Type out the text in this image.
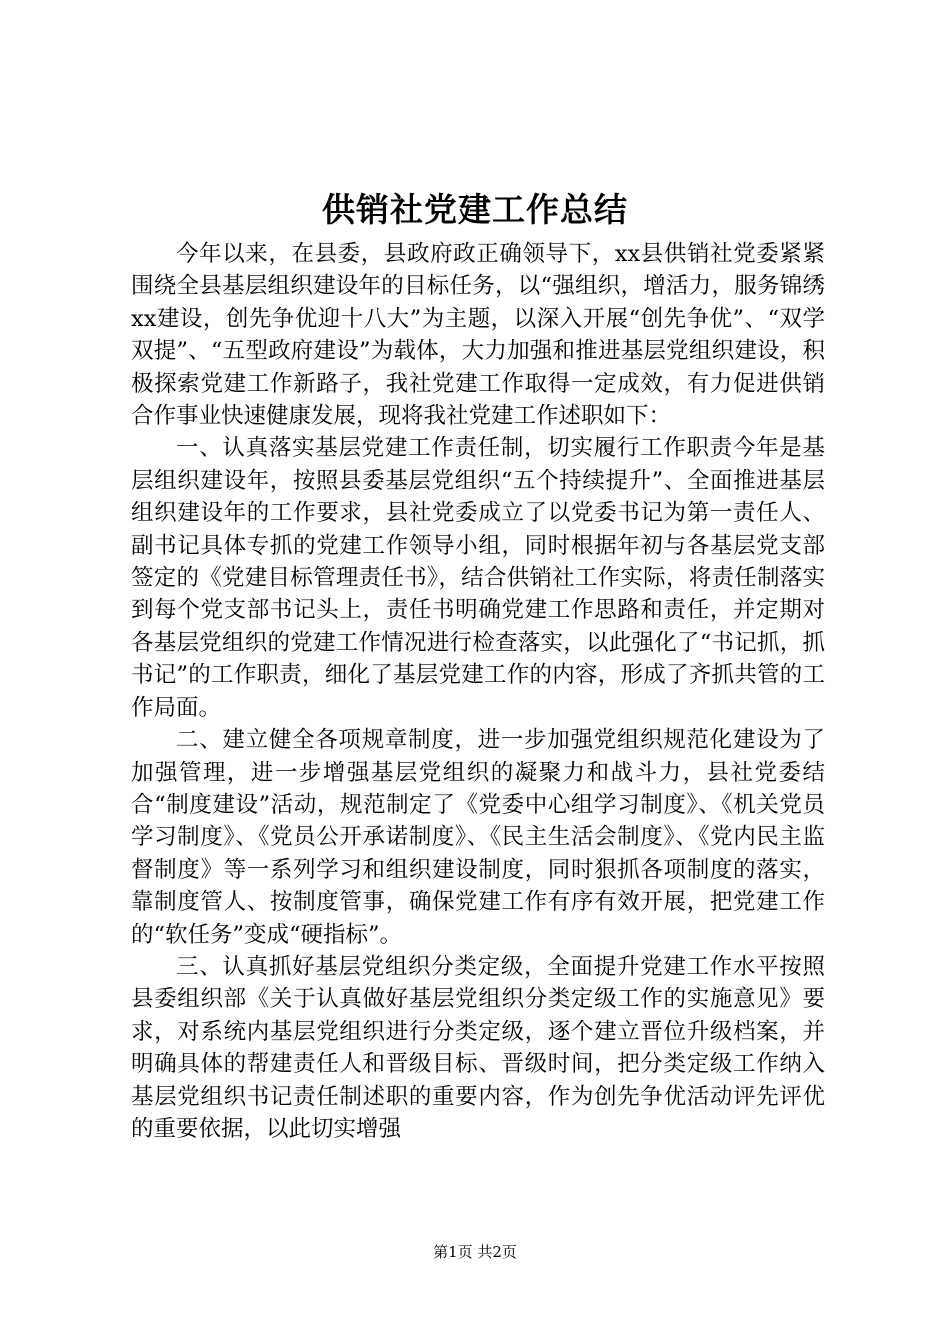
供销社党建工作总结

今年以来，在县委，县政府政正确领导下，xx县供销社党委紧紧围绕全县基层组织建设年的目标任务，以“强组织，增活力，服务锦绣xx建设，创先争优迎十八大”为主题，以深入开展“创先争优”、“双学双提”、“五型政府建设”为载体，大力加强和推进基层党组织建设，积极探索党建工作新路子，我社党建工作取得一定成效，有力促进供销合作事业快速健康发展，现将我社党建工作述职如下：

一、认真落实基层党建工作责任制，切实履行工作职责今年是基层组织建设年，按照县委基层党组织“五个持续提升”、全面推进基层组织建设年的工作要求，县社党委成立了以党委书记为第一责任人、副书记具体专抓的党建工作领导小组，同时根据年初与各基层党支部签定的《党建目标管理责任书》，结合供销社工作实际，将责任制落实到每个党支部书记头上，责任书明确党建工作思路和责任，并定期对各基层党组织的党建工作情况进行检查落实，以此强化了“书记抓，抓书记”的工作职责，细化了基层党建工作的内容，形成了齐抓共管的工作局面。

二、建立健全各项规章制度，进一步加强党组织规范化建设为了加强管理，进一步增强基层党组织的凝聚力和战斗力，县社党委结合“制度建设”活动，规范制定了《党委中心组学习制度》、《机关党员学习制度》、《党员公开承诺制度》、《民主生活会制度》、《党内民主监督制度》等一系列学习和组织建设制度，同时狠抓各项制度的落实，靠制度管人、按制度管事，确保党建工作有序有效开展，把党建工作的“软任务”变成“硬指标”。

三、认真抓好基层党组织分类定级，全面提升党建工作水平按照县委组织部《关于认真做好基层党组织分类定级工作的实施意见》要求，对系统内基层党组织进行分类定级，逐个建立晋位升级档案，并明确具体的帮建责任人和晋级目标、晋级时间，把分类定级工作纳入基层党组织书记责任制述职的重要内容，作为创先争优活动评先评优的重要依据，以此切实增强

第1页 共2页
